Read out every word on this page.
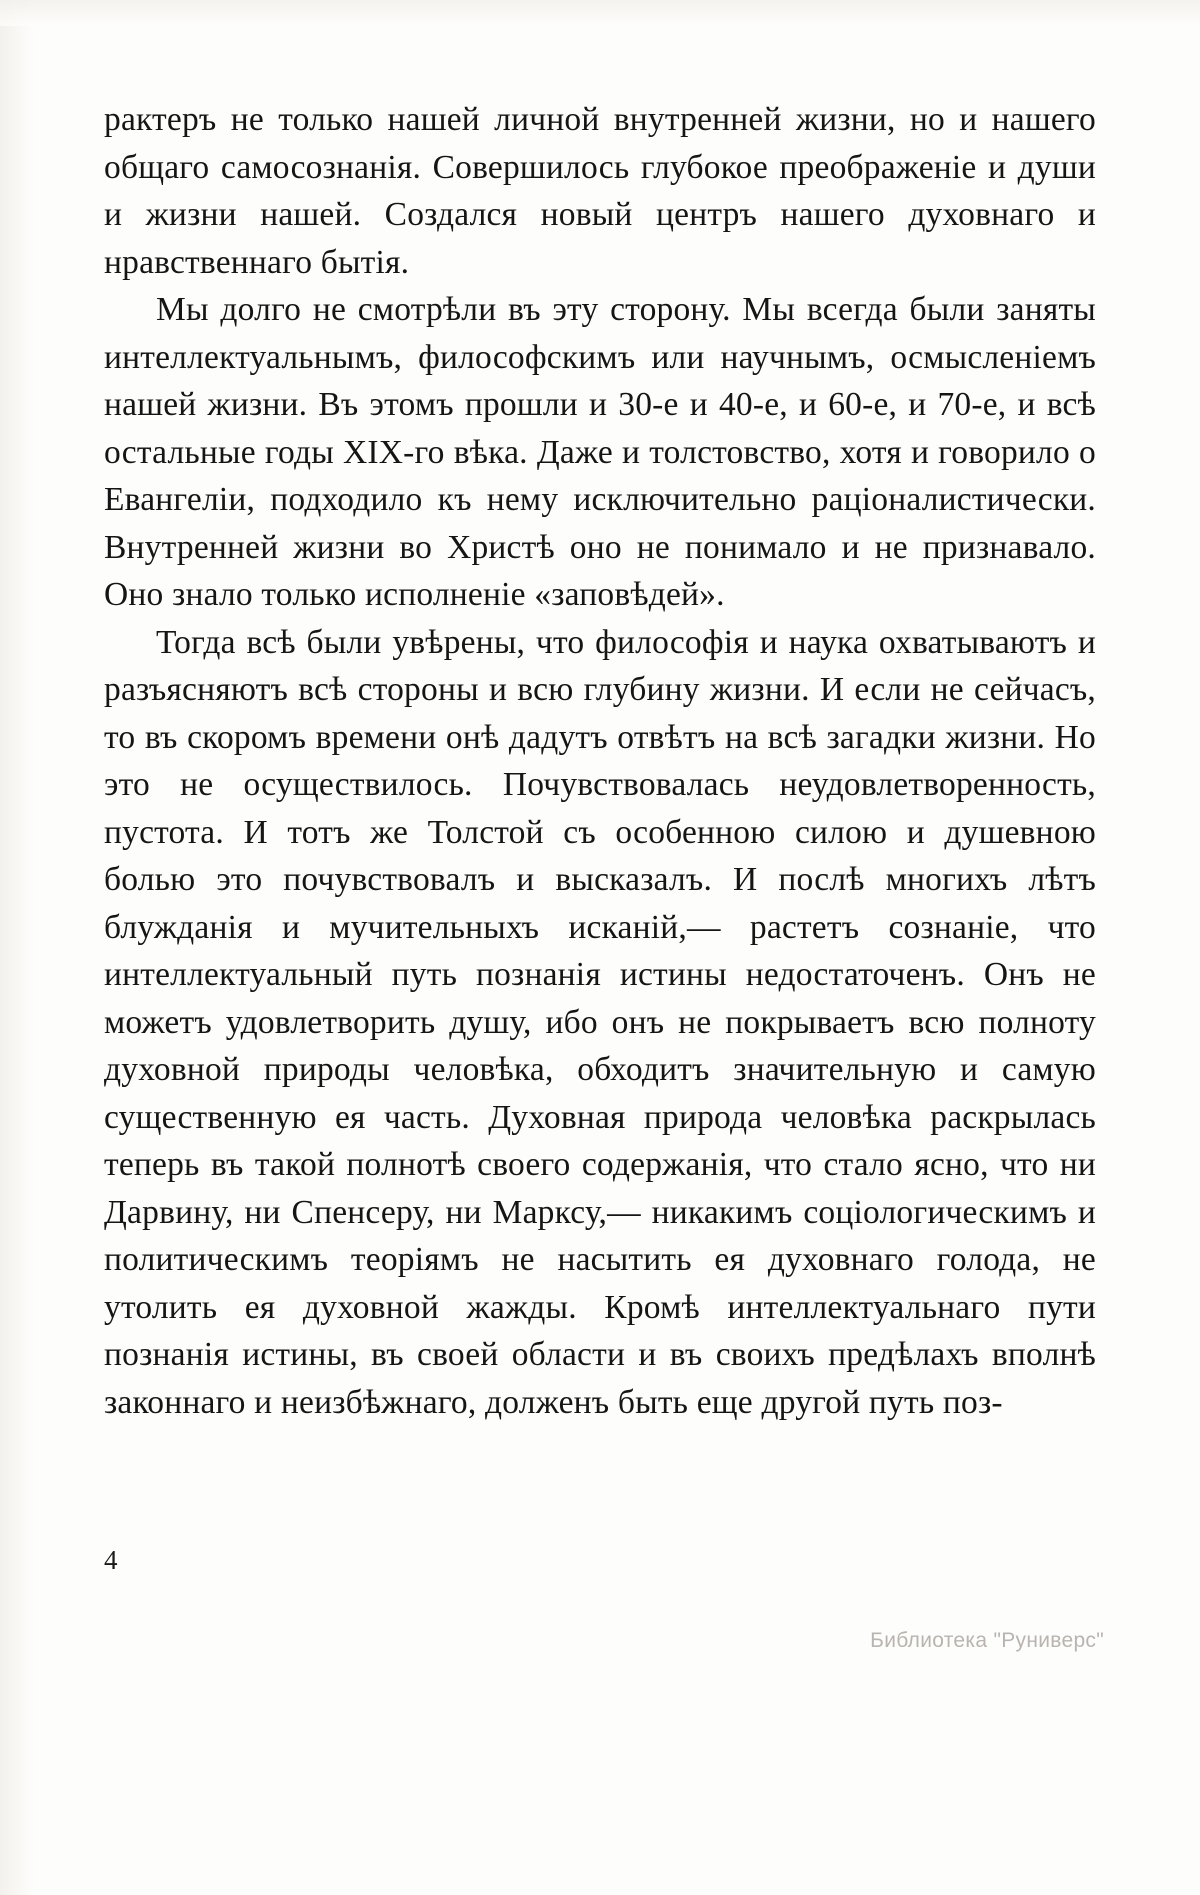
рактеръ не только нашей личной внутренней жизни, но и нашего общаго самосознанія. Совершилось глубокое преображеніе и души и жизни нашей. Создался новый центръ нашего духовнаго и нравственнаго бытія.

Мы долго не смотрѣли въ эту сторону. Мы всегда были заняты интеллектуальнымъ, философскимъ или научнымъ, осмысленіемъ нашей жизни. Въ этомъ прошли и 30-е и 40-е, и 60-е, и 70-е, и всѣ остальные годы XIX-го вѣка. Даже и толстовство, хотя и говорило о Евангеліи, подходило къ нему исключительно раціоналистически. Внутренней жизни во Христѣ оно не понимало и не признавало. Оно знало только исполненіе «заповѣдей».

Тогда всѣ были увѣрены, что философія и наука охватываютъ и разъясняютъ всѣ стороны и всю глубину жизни. И если не сейчасъ, то въ скоромъ времени онѣ дадутъ отвѣтъ на всѣ загадки жизни. Но это не осуществилось. Почувствовалась неудовлетворенность, пустота. И тотъ же Толстой съ особенною силою и душевною болью это почувствовалъ и высказалъ. И послѣ многихъ лѣтъ блужданія и мучительныхъ исканій,— растетъ сознаніе, что интеллектуальный путь познанія истины недостаточенъ. Онъ не можетъ удовлетворить душу, ибо онъ не покрываетъ всю полноту духовной природы человѣка, обходитъ значительную и самую существенную ея часть. Духовная природа человѣка раскрылась теперь въ такой полнотѣ своего содержанія, что стало ясно, что ни Дарвину, ни Спенсеру, ни Марксу,— никакимъ соціологическимъ и политическимъ теоріямъ не насытить ея духовнаго голода, не утолить ея духовной жажды. Кромѣ интеллектуальнаго пути познанія истины, въ своей области и въ своихъ предѣлахъ вполнѣ законнаго и неизбѣжнаго, долженъ быть еще другой путь поз-

4
Библиотека "Руниверс"
